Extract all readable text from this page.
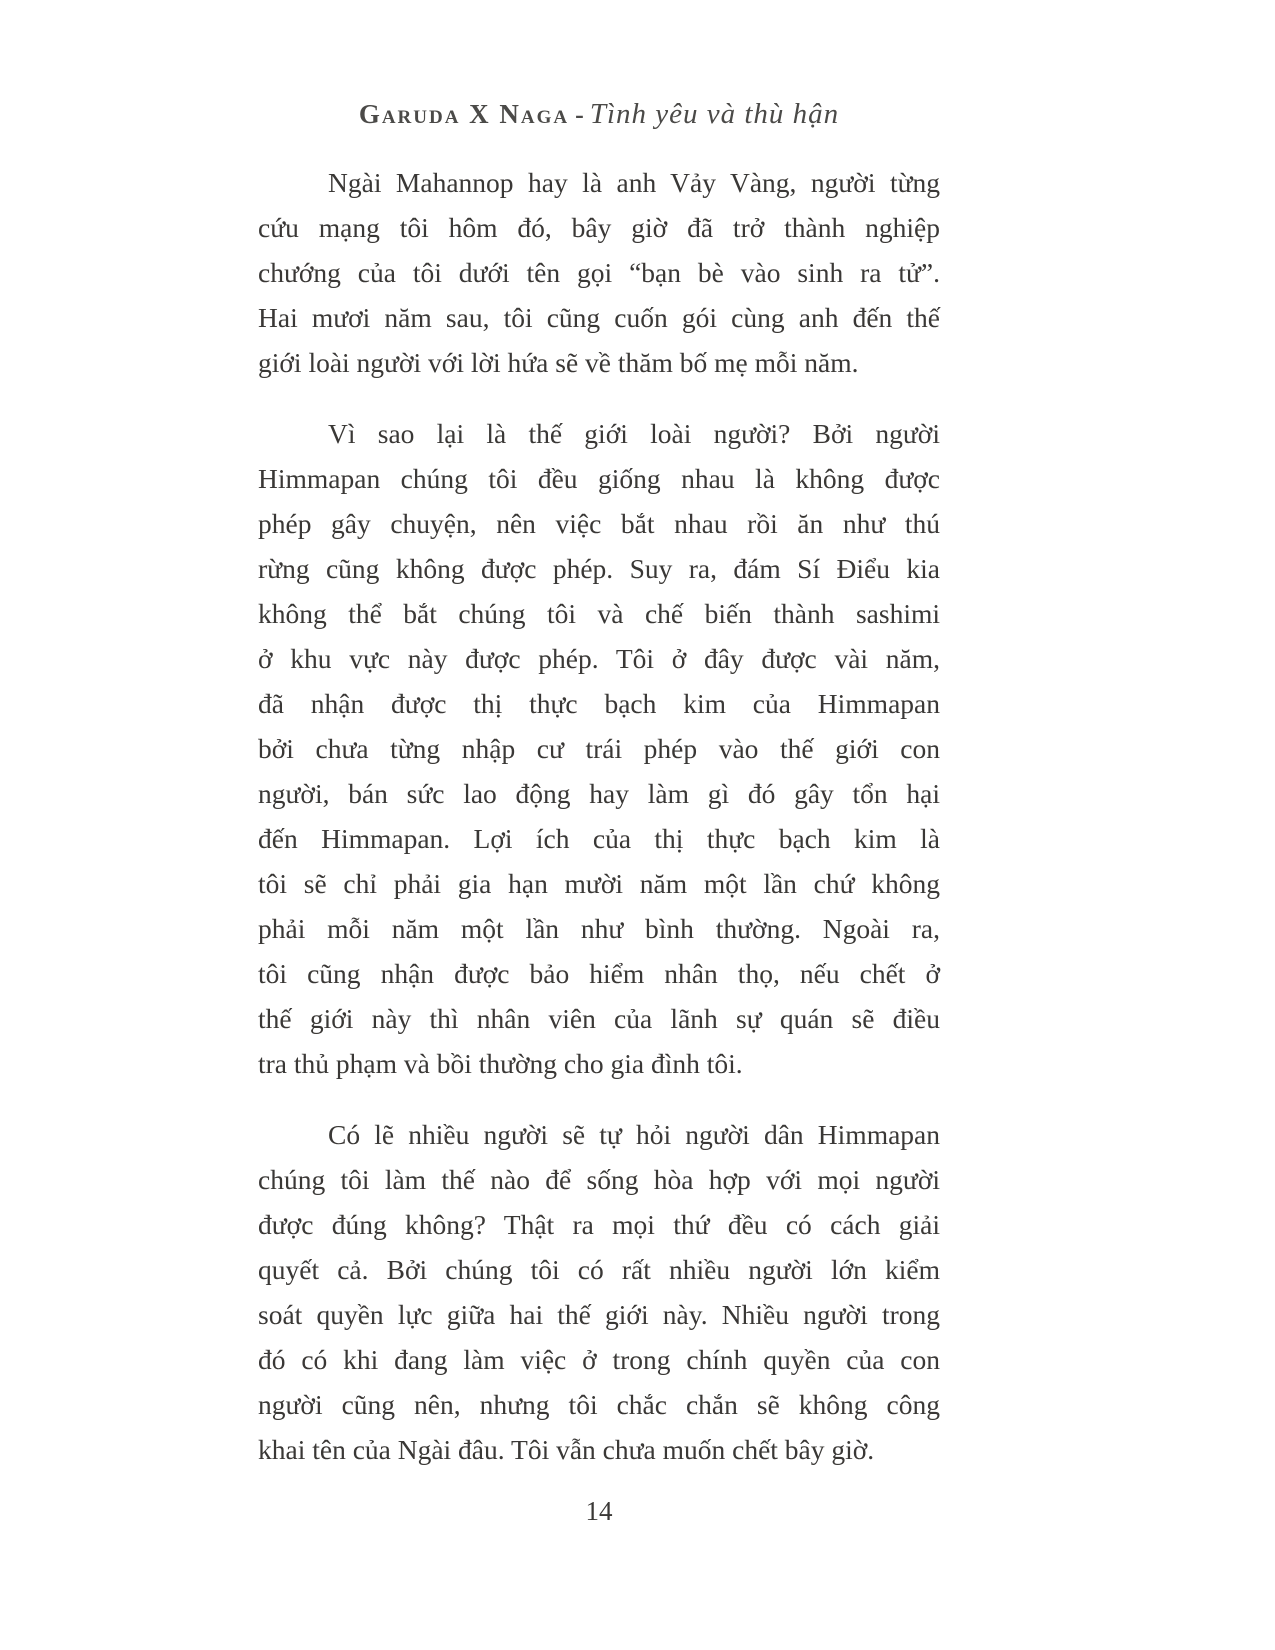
Garuda X Naga - Tình yêu và thù hận
Ngài Mahannop hay là anh Vảy Vàng, người từng
cứu mạng tôi hôm đó, bây giờ đã trở thành nghiệp
chướng của tôi dưới tên gọi “bạn bè vào sinh ra tử”.
Hai mươi năm sau, tôi cũng cuốn gói cùng anh đến thế
giới loài người với lời hứa sẽ về thăm bố mẹ mỗi năm.
Vì sao lại là thế giới loài người? Bởi người
Himmapan chúng tôi đều giống nhau là không được
phép gây chuyện, nên việc bắt nhau rồi ăn như thú
rừng cũng không được phép. Suy ra, đám Sí Điểu kia
không thể bắt chúng tôi và chế biến thành sashimi
ở khu vực này được phép. Tôi ở đây được vài năm,
đã nhận được thị thực bạch kim của Himmapan
bởi chưa từng nhập cư trái phép vào thế giới con
người, bán sức lao động hay làm gì đó gây tổn hại
đến Himmapan. Lợi ích của thị thực bạch kim là
tôi sẽ chỉ phải gia hạn mười năm một lần chứ không
phải mỗi năm một lần như bình thường. Ngoài ra,
tôi cũng nhận được bảo hiểm nhân thọ, nếu chết ở
thế giới này thì nhân viên của lãnh sự quán sẽ điều
tra thủ phạm và bồi thường cho gia đình tôi.
Có lẽ nhiều người sẽ tự hỏi người dân Himmapan
chúng tôi làm thế nào để sống hòa hợp với mọi người
được đúng không? Thật ra mọi thứ đều có cách giải
quyết cả. Bởi chúng tôi có rất nhiều người lớn kiểm
soát quyền lực giữa hai thế giới này. Nhiều người trong
đó có khi đang làm việc ở trong chính quyền của con
người cũng nên, nhưng tôi chắc chắn sẽ không công
khai tên của Ngài đâu. Tôi vẫn chưa muốn chết bây giờ.
14
